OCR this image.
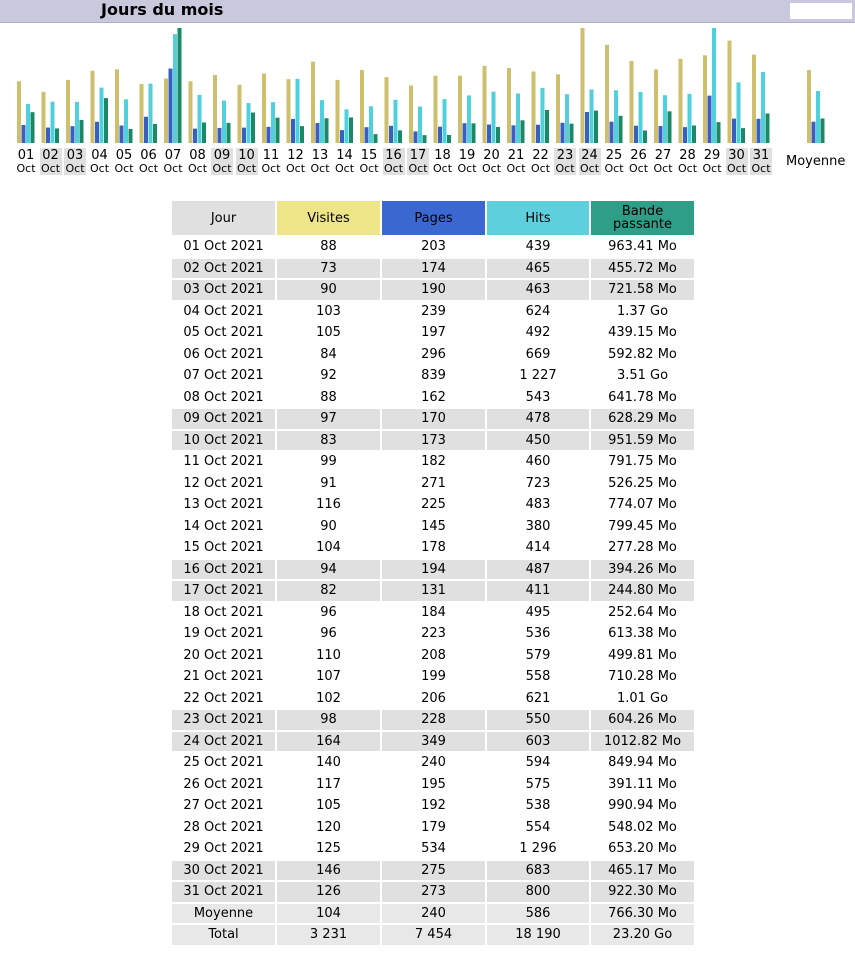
Jours du mois
01
Oct
02
Oct
03
Oct
04
Oct
05
Oct
06
Oct
07
Oct
08
Oct
09
Oct
10
Oct
11
Oct
12
Oct
13
Oct
14
Oct
15
Oct
16
Oct
17
Oct
18
Oct
19
Oct
20
Oct
21
Oct
22
Oct
23
Oct
24
Oct
25
Oct
26
Oct
27
Oct
28
Oct
29
Oct
30
Oct
31
Oct Moyenne
Jour	Visites	Pages	Hits	Bande passante
01 Oct 2021	88	203	439	963.41 Mo
02 Oct 2021	73	174	465	455.72 Mo
03 Oct 2021	90	190	463	721.58 Mo
04 Oct 2021	103	239	624	1.37 Go
05 Oct 2021	105	197	492	439.15 Mo
06 Oct 2021	84	296	669	592.82 Mo
07 Oct 2021	92	839	1 227	3.51 Go
08 Oct 2021	88	162	543	641.78 Mo
09 Oct 2021	97	170	478	628.29 Mo
10 Oct 2021	83	173	450	951.59 Mo
11 Oct 2021	99	182	460	791.75 Mo
12 Oct 2021	91	271	723	526.25 Mo
13 Oct 2021	116	225	483	774.07 Mo
14 Oct 2021	90	145	380	799.45 Mo
15 Oct 2021	104	178	414	277.28 Mo
16 Oct 2021	94	194	487	394.26 Mo
17 Oct 2021	82	131	411	244.80 Mo
18 Oct 2021	96	184	495	252.64 Mo
19 Oct 2021	96	223	536	613.38 Mo
20 Oct 2021	110	208	579	499.81 Mo
21 Oct 2021	107	199	558	710.28 Mo
22 Oct 2021	102	206	621	1.01 Go
23 Oct 2021	98	228	550	604.26 Mo
24 Oct 2021	164	349	603	1012.82 Mo
25 Oct 2021	140	240	594	849.94 Mo
26 Oct 2021	117	195	575	391.11 Mo
27 Oct 2021	105	192	538	990.94 Mo
28 Oct 2021	120	179	554	548.02 Mo
29 Oct 2021	125	534	1 296	653.20 Mo
30 Oct 2021	146	275	683	465.17 Mo
31 Oct 2021	126	273	800	922.30 Mo
Moyenne	104	240	586	766.30 Mo
Total	3 231	7 454	18 190	23.20 Go
